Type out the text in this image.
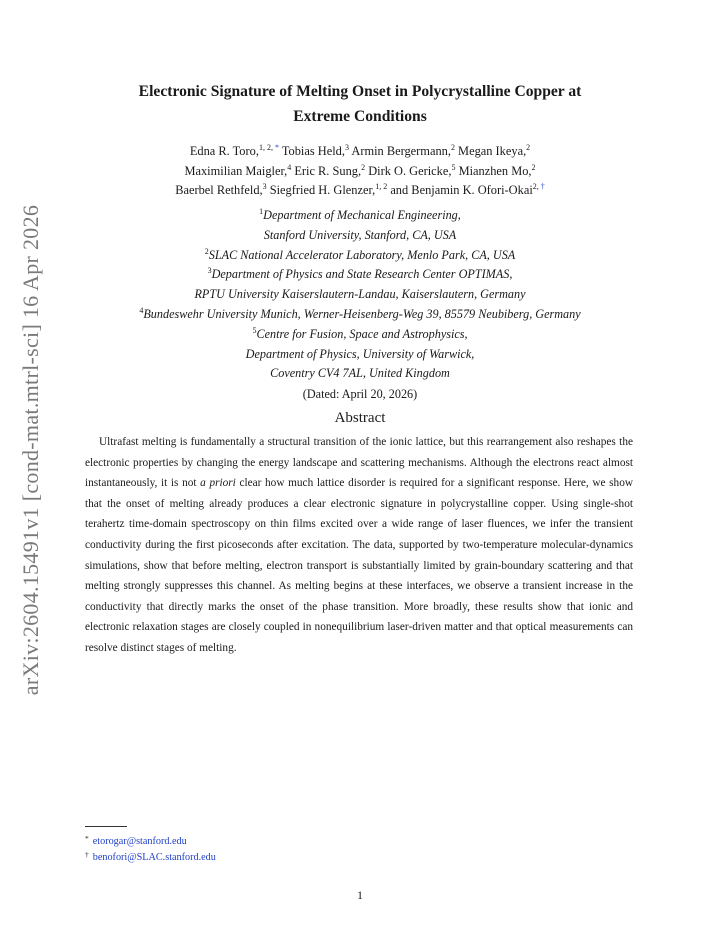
arXiv:2604.15491v1 [cond-mat.mtrl-sci] 16 Apr 2026
Electronic Signature of Melting Onset in Polycrystalline Copper at
Extreme Conditions
Edna R. Toro,$^{1, 2, *}$ Tobias Held,$^3$ Armin Bergermann,$^2$ Megan Ikeya,$^2$
Maximilian Maigler,$^4$ Eric R. Sung,$^2$ Dirk O. Gericke,$^5$ Mianzhen Mo,$^2$
Baerbel Rethfeld,$^3$ Siegfried H. Glenzer,$^{1, 2}$ and Benjamin K. Ofori-Okai$^{2, \dagger}$
$^1$Department of Mechanical Engineering,
Stanford University, Stanford, CA, USA
$^2$SLAC National Accelerator Laboratory, Menlo Park, CA, USA
$^3$Department of Physics and State Research Center OPTIMAS,
RPTU University Kaiserslautern-Landau, Kaiserslautern, Germany
$^4$Bundeswehr University Munich, Werner-Heisenberg-Weg 39, 85579 Neubiberg, Germany
$^5$Centre for Fusion, Space and Astrophysics,
Department of Physics, University of Warwick,
Coventry CV4 7AL, United Kingdom
(Dated: April 20, 2026)
Abstract
Ultrafast melting is fundamentally a structural transition of the ionic lattice, but this rearrangement also reshapes the electronic properties by changing the energy landscape and scattering mechanisms. Although the electrons react almost instantaneously, it is not a priori clear how much lattice disorder is required for a significant response. Here, we show that the onset of melting already produces a clear electronic signature in polycrystalline copper. Using single-shot terahertz time-domain spectroscopy on thin films excited over a wide range of laser fluences, we infer the transient conductivity during the first picoseconds after excitation. The data, supported by two-temperature molecular-dynamics simulations, show that before melting, electron transport is substantially limited by grain-boundary scattering and that melting strongly suppresses this channel. As melting begins at these interfaces, we observe a transient increase in the conductivity that directly marks the onset of the phase transition. More broadly, these results show that ionic and electronic relaxation stages are closely coupled in nonequilibrium laser-driven matter and that optical measurements can resolve distinct stages of melting.
* etorogar@stanford.edu
† benofori@SLAC.stanford.edu
1
